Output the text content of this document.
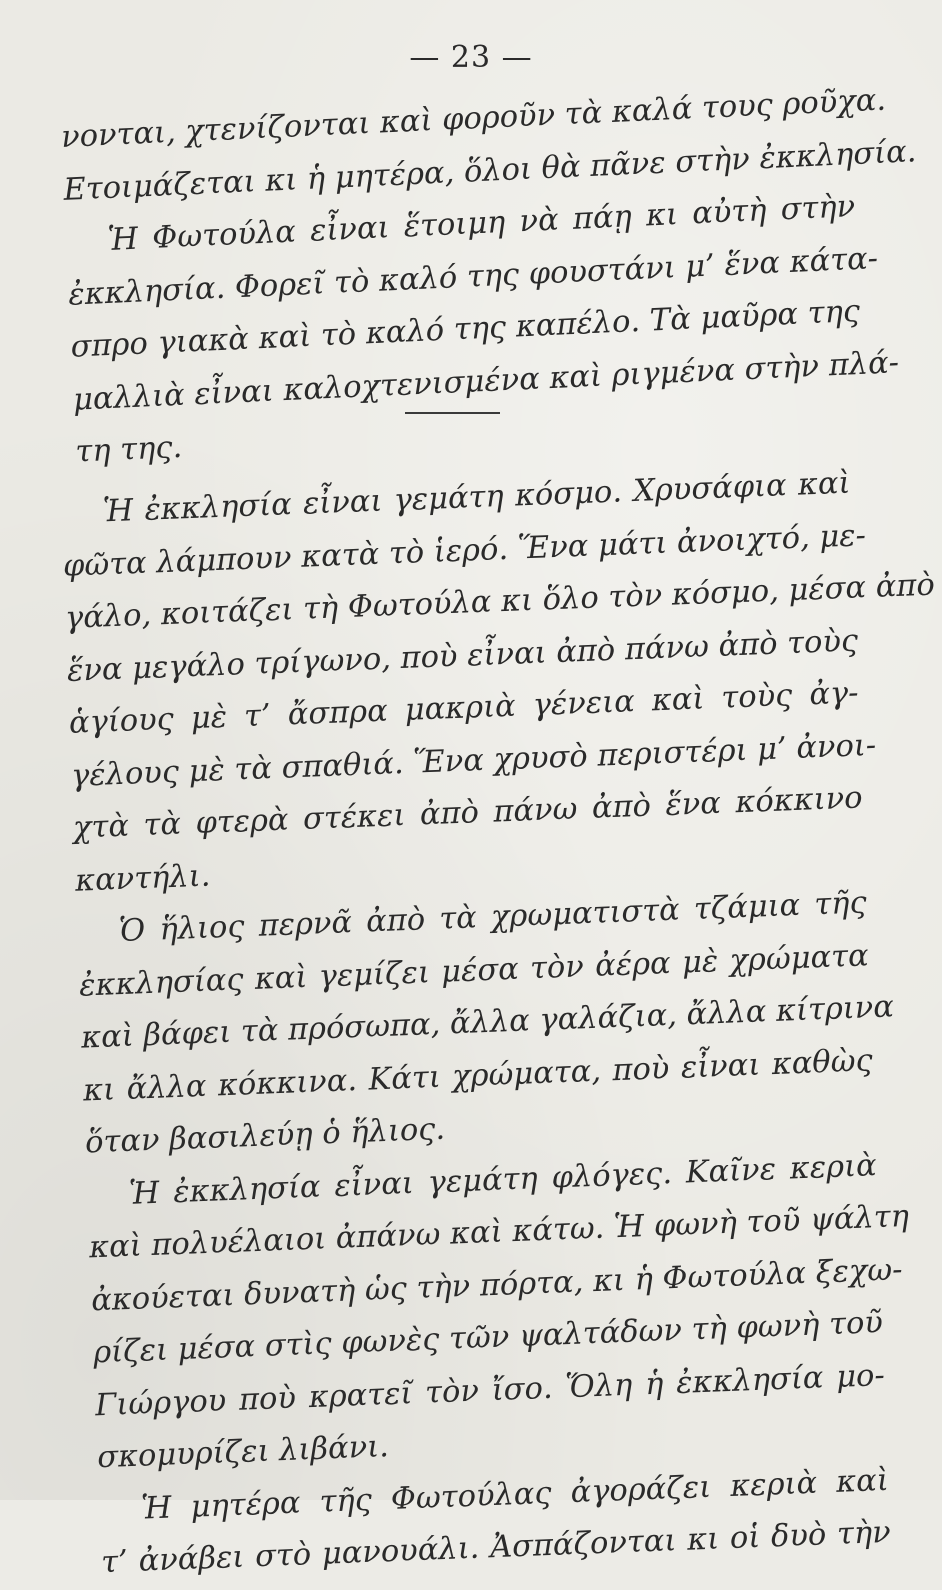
— 23 —
νονται, χτενίζονται καὶ φοροῦν τὰ καλά τους ροῦχα.
Ετοιμάζεται κι ἡ μητέρα, ὅλοι θὰ πᾶνε στὴν ἐκκλησία.
Ἡ Φωτούλα εἶναι ἕτοιμη νὰ πάῃ κι αὐτὴ στὴν
ἐκκλησία. Φορεῖ τὸ καλό της φουστάνι μ’ ἕνα κάτα-
σπρο γιακὰ καὶ τὸ καλό της καπέλο. Τὰ μαῦρα της
μαλλιὰ εἶναι καλοχτενισμένα καὶ ριγμένα στὴν πλά-
τη της.
Ἡ ἐκκλησία εἶναι γεμάτη κόσμο. Χρυσάφια καὶ
φῶτα λάμπουν κατὰ τὸ ἱερό. Ἕνα μάτι ἀνοιχτό, με-
γάλο, κοιτάζει τὴ Φωτούλα κι ὅλο τὸν κόσμο, μέσα ἀπὸ
ἕνα μεγάλο τρίγωνο, ποὺ εἶναι ἀπὸ πάνω ἀπὸ τοὺς
ἁγίους μὲ τ’ ἄσπρα μακριὰ γένεια καὶ τοὺς ἀγ-
γέλους μὲ τὰ σπαθιά. Ἕνα χρυσὸ περιστέρι μ’ ἀνοι-
χτὰ τὰ φτερὰ στέκει ἀπὸ πάνω ἀπὸ ἕνα κόκκινο
καντήλι.
Ὁ ἥλιος περνᾶ ἀπὸ τὰ χρωματιστὰ τζάμια τῆς
ἐκκλησίας καὶ γεμίζει μέσα τὸν ἀέρα μὲ χρώματα
καὶ βάφει τὰ πρόσωπα, ἄλλα γαλάζια, ἄλλα κίτρινα
κι ἄλλα κόκκινα. Κάτι χρώματα, ποὺ εἶναι καθὼς
ὅταν βασιλεύῃ ὁ ἥλιος.
Ἡ ἐκκλησία εἶναι γεμάτη φλόγες. Καῖνε κεριὰ
καὶ πολυέλαιοι ἀπάνω καὶ κάτω. Ἡ φωνὴ τοῦ ψάλτη
ἀκούεται δυνατὴ ὡς τὴν πόρτα, κι ἡ Φωτούλα ξεχω-
ρίζει μέσα στὶς φωνὲς τῶν ψαλτάδων τὴ φωνὴ τοῦ
Γιώργου ποὺ κρατεῖ τὸν ἴσο. Ὅλη ἡ ἐκκλησία μο-
σκομυρίζει λιβάνι.
Ἡ μητέρα τῆς Φωτούλας ἀγοράζει κεριὰ καὶ
τ’ ἀνάβει στὸ μανουάλι. Ἀσπάζονται κι οἱ δυὸ τὴν
